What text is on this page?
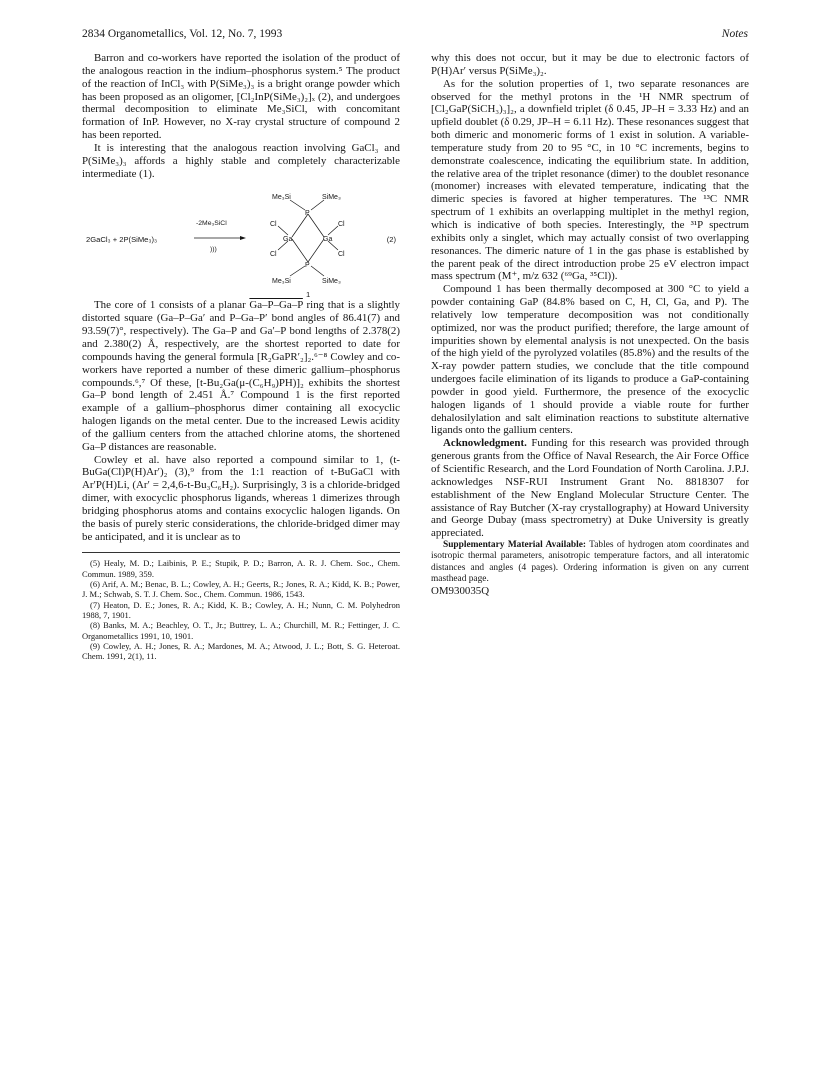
2834 Organometallics, Vol. 12, No. 7, 1993	Notes

Barron and co-workers have reported the isolation of the product of the analogous reaction in the indium–phosphorus system.⁵ The product of the reaction of InCl₃ with P(SiMe₃)₃ is a bright orange powder which has been proposed as an oligomer, [Cl₂InP(SiMe₃)₂]ₓ (2), and undergoes thermal decomposition to eliminate Me₃SiCl, with concomitant formation of InP. However, no X-ray crystal structure of compound 2 has been reported.

It is interesting that the analogous reaction involving GaCl₃ and P(SiMe₃)₃ affords a highly stable and completely characterizable intermediate (1).

2GaCl₃ + 2P(SiMe₃)₃
-2Me₃SiCl
)))
Me₃Si	SiMe₃
P
Cl	Cl
Ga	Ga
Cl	Cl
P
Me₃Si	SiMe₃
(2)
1

The core of 1 consists of a planar Ga–P–Ga–P ring that is a slightly distorted square (Ga–P–Ga′ and P–Ga–P′ bond angles of 86.41(7) and 93.59(7)°, respectively). The Ga–P and Ga′–P bond lengths of 2.378(2) and 2.380(2) Å, respectively, are the shortest reported to date for compounds having the general formula [R₂GaPR′₂]₂.⁶⁻⁸ Cowley and co-workers have reported a number of these dimeric gallium–phosphorus compounds.⁶,⁷ Of these, [t-Bu₂Ga(μ-(C₆H₉)PH)]₂ exhibits the shortest Ga–P bond length of 2.451 Å.⁷ Compound 1 is the first reported example of a gallium–phosphorus dimer containing all exocyclic halogen ligands on the metal center. Due to the increased Lewis acidity of the gallium centers from the attached chlorine atoms, the shortened Ga–P distances are reasonable.

Cowley et al. have also reported a compound similar to 1, (t-BuGa(Cl)P(H)Ar′)₂ (3),⁹ from the 1:1 reaction of t-BuGaCl with Ar′P(H)Li, (Ar′ = 2,4,6-t-Bu₃C₆H₂). Surprisingly, 3 is a chloride-bridged dimer, with exocyclic phosphorus ligands, whereas 1 dimerizes through bridging phosphorus atoms and contains exocyclic halogen ligands. On the basis of purely steric considerations, the chloride-bridged dimer may be anticipated, and it is unclear as to

(5) Healy, M. D.; Laibinis, P. E.; Stupik, P. D.; Barron, A. R. J. Chem. Soc., Chem. Commun. 1989, 359.

(6) Arif, A. M.; Benac, B. L.; Cowley, A. H.; Geerts, R.; Jones, R. A.; Kidd, K. B.; Power, J. M.; Schwab, S. T. J. Chem. Soc., Chem. Commun. 1986, 1543.

(7) Heaton, D. E.; Jones, R. A.; Kidd, K. B.; Cowley, A. H.; Nunn, C. M. Polyhedron 1988, 7, 1901.

(8) Banks, M. A.; Beachley, O. T., Jr.; Buttrey, L. A.; Churchill, M. R.; Fettinger, J. C. Organometallics 1991, 10, 1901.

(9) Cowley, A. H.; Jones, R. A.; Mardones, M. A.; Atwood, J. L.; Bott, S. G. Heteroat. Chem. 1991, 2(1), 11.

why this does not occur, but it may be due to electronic factors of P(H)Ar′ versus P(SiMe₃)₂.

As for the solution properties of 1, two separate resonances are observed for the methyl protons in the ¹H NMR spectrum of [Cl₂GaP(SiCH₃)₃]₂, a downfield triplet (δ 0.45, JP–H = 3.33 Hz) and an upfield doublet (δ 0.29, JP–H = 6.11 Hz). These resonances suggest that both dimeric and monomeric forms of 1 exist in solution. A variable-temperature study from 20 to 95 °C, in 10 °C increments, begins to demonstrate coalescence, indicating the equilibrium state. In addition, the relative area of the triplet resonance (dimer) to the doublet resonance (monomer) increases with elevated temperature, indicating that the dimeric species is favored at higher temperatures. The ¹³C NMR spectrum of 1 exhibits an overlapping multiplet in the methyl region, which is indicative of both species. Interestingly, the ³¹P spectrum exhibits only a singlet, which may actually consist of two overlapping resonances. The dimeric nature of 1 in the gas phase is established by the parent peak of the direct introduction probe 25 eV electron impact mass spectrum (M⁺, m/z 632 (⁶⁹Ga, ³⁵Cl)).

Compound 1 has been thermally decomposed at 300 °C to yield a powder containing GaP (84.8% based on C, H, Cl, Ga, and P). The relatively low temperature decomposition was not conditionally optimized, nor was the product purified; therefore, the large amount of impurities shown by elemental analysis is not unexpected. On the basis of the high yield of the pyrolyzed volatiles (85.8%) and the results of the X-ray powder pattern studies, we conclude that the title compound undergoes facile elimination of its ligands to produce a GaP-containing powder in good yield. Furthermore, the presence of the exocyclic halogen ligands of 1 should provide a viable route for further dehalosilylation and salt elimination reactions to substitute alternative ligands onto the gallium centers.

Acknowledgment. Funding for this research was provided through generous grants from the Office of Naval Research, the Air Force Office of Scientific Research, and the Lord Foundation of North Carolina. J.P.J. acknowledges NSF-RUI Instrument Grant No. 8818307 for establishment of the New England Molecular Structure Center. The assistance of Ray Butcher (X-ray crystallography) at Howard University and George Dubay (mass spectrometry) at Duke University is greatly appreciated.

Supplementary Material Available: Tables of hydrogen atom coordinates and isotropic thermal parameters, anisotropic temperature factors, and all interatomic distances and angles (4 pages). Ordering information is given on any current masthead page.

OM930035Q
